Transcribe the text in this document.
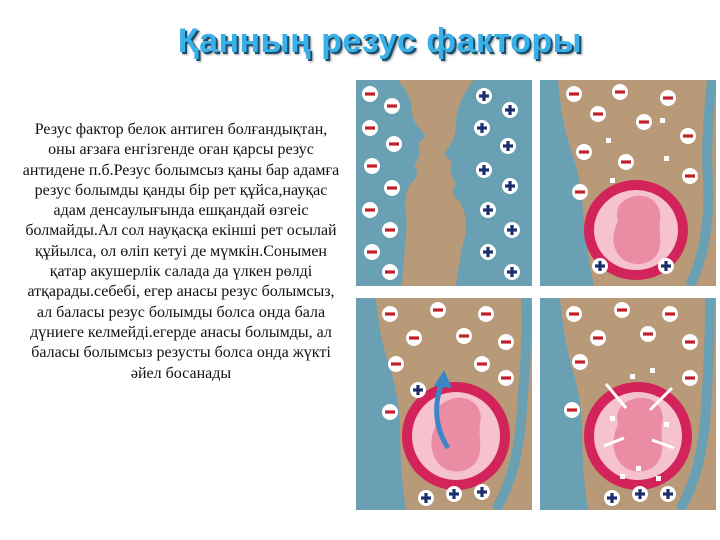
Қанның резус факторы
Резус фактор белок антиген болғандықтан, оны ағзаға енгізгенде оған қарсы резус антидене п.б.Резус болымсыз қаны бар адамға резус болымды қанды бір рет құйса,науқас адам денсаулығында ешқандай өзгеіс болмайды.Ал сол науқасқа екінші рет осылай құйылса, ол өліп кетуі де мүмкін.Сонымен қатар акушерлік салада да үлкен рөлді атқарады.себебі, егер анасы резус болымсыз, ал баласы резус болымды болса онда бала дүниеге келмейді.егерде анасы болымды, ал баласы болымсыз резусты болса онда жүкті әйел босанады
